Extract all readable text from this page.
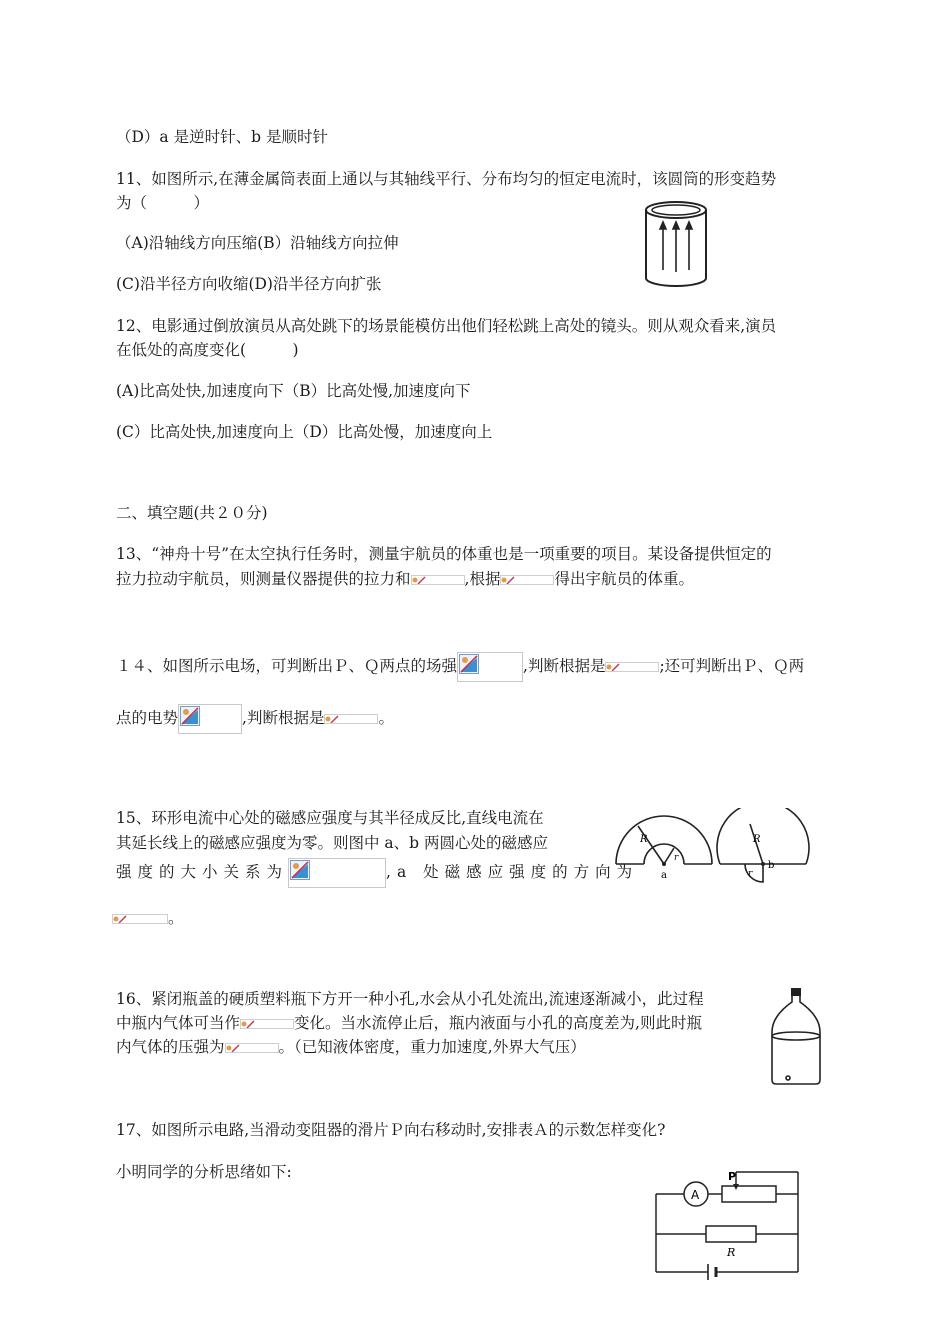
（D）a 是逆时针、b 是顺时针
11、如图所示,在薄金属筒表面上通以与其轴线平行、分布均匀的恒定电流时，该圆筒的形变趋势
为（　　　）
（A)沿轴线方向压缩(B）沿轴线方向拉伸
(C)沿半径方向收缩(D)沿半径方向扩张
12、电影通过倒放演员从高处跳下的场景能模仿出他们轻松跳上高处的镜头。则从观众看来,演员
在低处的高度变化(　　　)
(A)比高处快,加速度向下（B）比高处慢,加速度向下
(C）比高处快,加速度向上（D）比高处慢，加速度向上
二、填空题(共２０分)
13、“神舟十号”在太空执行任务时，测量宇航员的体重也是一项重要的项目。某设备提供恒定的
拉力拉动宇航员，则测量仪器提供的拉力和	,根据	得出宇航员的体重。
１４、如图所示电场，可判断出Ｐ、Ｑ两点的场强	,判断根据是	;还可判断出Ｐ、Ｑ两
点的电势	,判断根据是	。
15、环形电流中心处的磁感应强度与其半径成反比,直线电流在
其延长线上的磁感应强度为零。则图中 a、b 两圆心处的磁感应
强度的大小关系为	,a 处磁感应强度的方向为
。
R
r
a
R
r
b
16、紧闭瓶盖的硬质塑料瓶下方开一种小孔,水会从小孔处流出,流速逐渐减小，此过程
中瓶内气体可当作	变化。当水流停止后，瓶内液面与小孔的高度差为,则此时瓶
内气体的压强为	。（已知液体密度，重力加速度,外界大气压）
17、如图所示电路,当滑动变阻器的滑片Ｐ向右移动时,安排表Ａ的示数怎样变化?
小明同学的分析思绪如下:
A
P
R
